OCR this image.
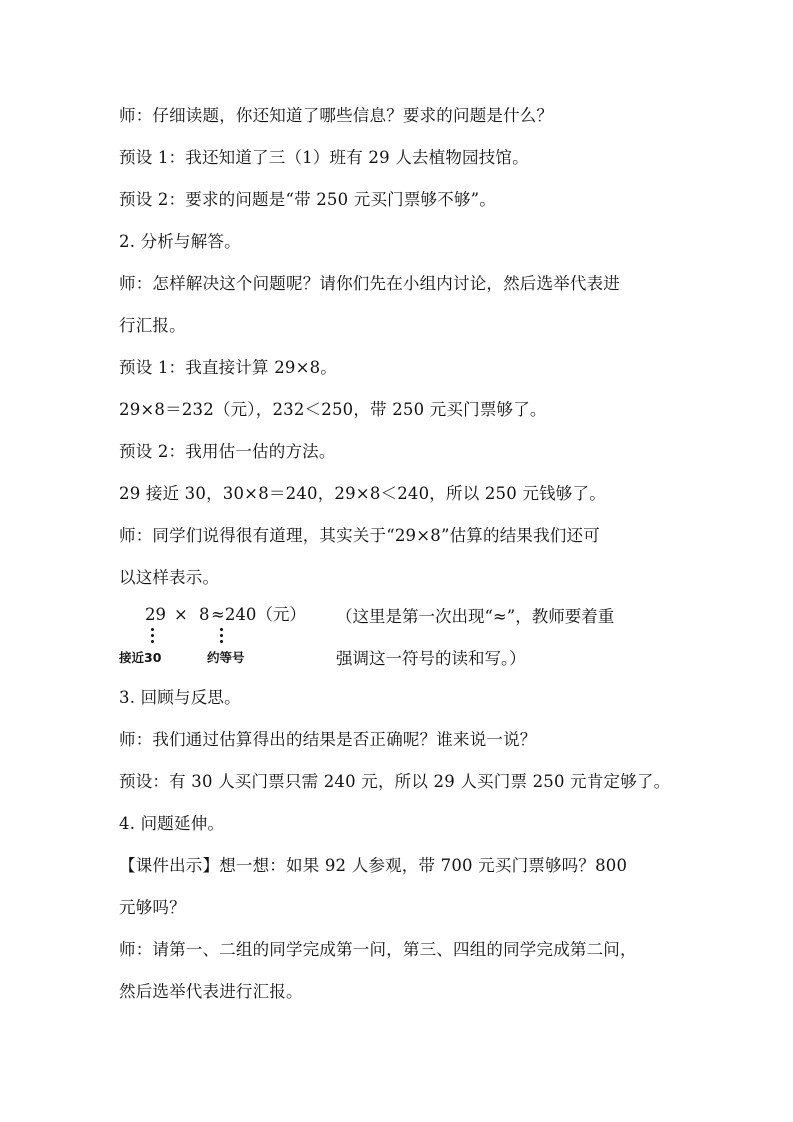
师：仔细读题，你还知道了哪些信息？要求的问题是什么？
预设 1：我还知道了三（1）班有 29 人去植物园技馆。
预设 2：要求的问题是“带 250 元买门票够不够”。
2. 分析与解答。
师：怎样解决这个问题呢？请你们先在小组内讨论，然后选举代表进
行汇报。
预设 1：我直接计算 29×8。
29×8＝232（元），232＜250，带 250 元买门票够了。
预设 2：我用估一估的方法。
29 接近 30，30×8＝240，29×8＜240，所以 250 元钱够了。
师：同学们说得很有道理，其实关于“29×8”估算的结果我们还可
以这样表示。
29 × 8 ≈240（元）
接近30	约等号
（这里是第一次出现“≈”，教师要着重
强调这一符号的读和写。）
3. 回顾与反思。
师：我们通过估算得出的结果是否正确呢？谁来说一说？
预设：有 30 人买门票只需 240 元，所以 29 人买门票 250 元肯定够了。
4. 问题延伸。
【课件出示】想一想：如果 92 人参观，带 700 元买门票够吗？800
元够吗？
师：请第一、二组的同学完成第一问，第三、四组的同学完成第二问，
然后选举代表进行汇报。
